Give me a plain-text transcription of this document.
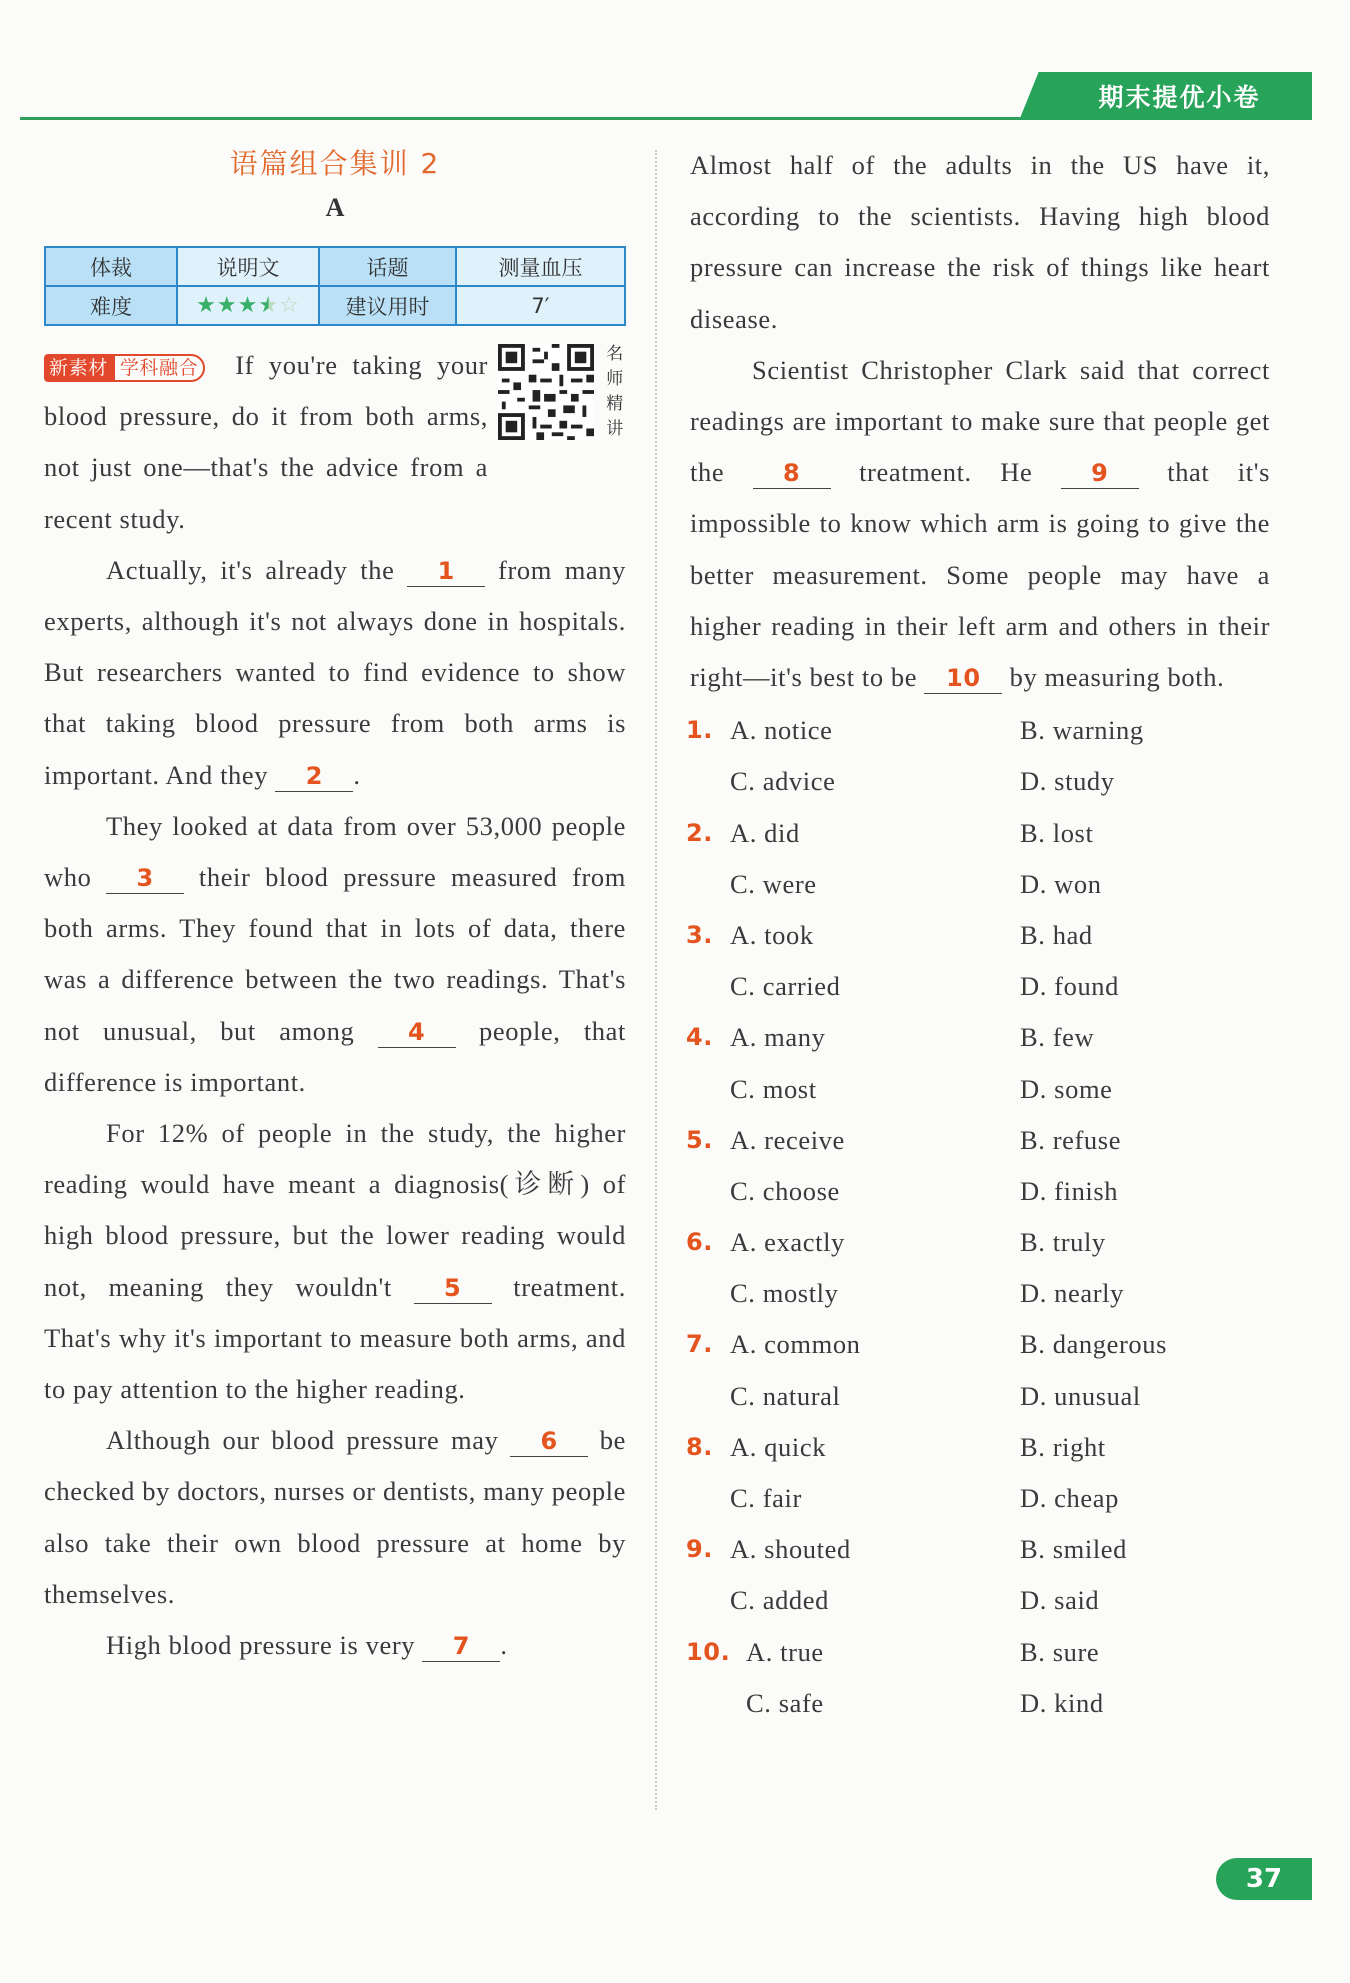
期末提优小卷
语篇组合集训 2
A
体裁	说明文	话题	测量血压
难度	★★★★☆	建议用时	7′
名师精讲

新素材 学科融合 If you're taking your blood pressure, do it from both arms, not just one—that's the advice from a recent study.

Actually, it's already the 1 from many experts, although it's not always done in hospitals. But researchers wanted to find evidence to show that taking blood pressure from both arms is important. And they 2 .

They looked at data from over 53,000 people who 3 their blood pressure measured from both arms. They found that in lots of data, there was a difference between the two readings. That's not unusual, but among 4 people, that difference is important.

For 12% of people in the study, the higher reading would have meant a diagnosis(诊断) of high blood pressure, but the lower reading would not, meaning they wouldn't 5 treatment. That's why it's important to measure both arms, and to pay attention to the higher reading.

Although our blood pressure may 6 be checked by doctors, nurses or dentists, many people also take their own blood pressure at home by themselves.

High blood pressure is very 7 .

Almost half of the adults in the US have it, according to the scientists. Having high blood pressure can increase the risk of things like heart disease.

Scientist Christopher Clark said that correct readings are important to make sure that people get the 8 treatment. He 9 that it's impossible to know which arm is going to give the better measurement. Some people may have a higher reading in their left arm and others in their right—it's best to be 10 by measuring both.

1. A. notice	B. warning
C. advice	D. study
2. A. did	B. lost
C. were	D. won
3. A. took	B. had
C. carried	D. found
4. A. many	B. few
C. most	D. some
5. A. receive	B. refuse
C. choose	D. finish
6. A. exactly	B. truly
C. mostly	D. nearly
7. A. common	B. dangerous
C. natural	D. unusual
8. A. quick	B. right
C. fair	D. cheap
9. A. shouted	B. smiled
C. added	D. said
10. A. true	B. sure
C. safe	D. kind
37
